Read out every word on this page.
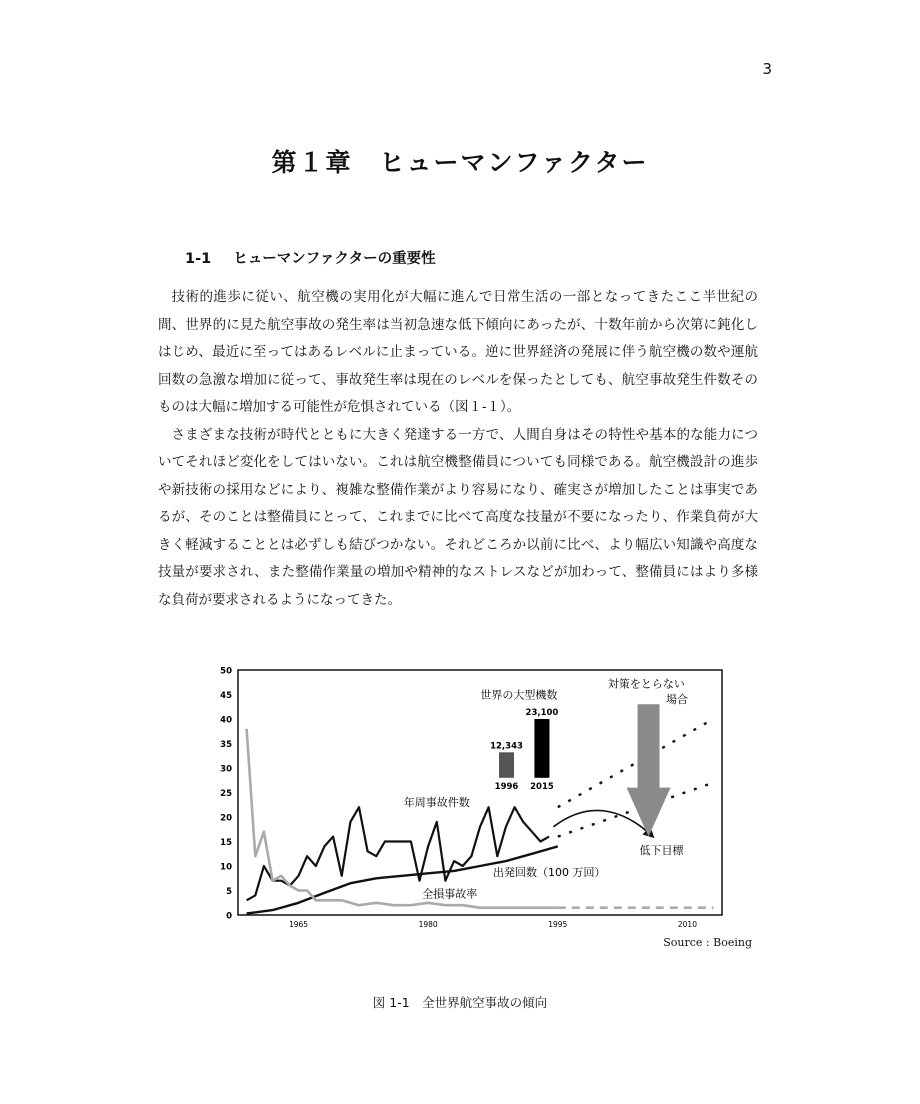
3
第１章　ヒューマンファクター
1-1 ヒューマンファクターの重要性

技術的進歩に従い、航空機の実用化が大幅に進んで日常生活の一部となってきたここ半世紀の間、世界的に見た航空事故の発生率は当初急速な低下傾向にあったが、十数年前から次第に鈍化しはじめ、最近に至ってはあるレベルに止まっている。逆に世界経済の発展に伴う航空機の数や運航回数の急激な増加に従って、事故発生率は現在のレベルを保ったとしても、航空事故発生件数そのものは大幅に増加する可能性が危惧されている（図１-１）。

さまざまな技術が時代とともに大きく発達する一方で、人間自身はその特性や基本的な能力についてそれほど変化をしてはいない。これは航空機整備員についても同様である。航空機設計の進歩や新技術の採用などにより、複雑な整備作業がより容易になり、確実さが増加したことは事実であるが、そのことは整備員にとって、これまでに比べて高度な技量が不要になったり、作業負荷が大きく軽減することとは必ずしも結びつかない。それどころか以前に比べ、より幅広い知識や高度な技量が要求され、また整備作業量の増加や精神的なストレスなどが加わって、整備員にはより多様な負荷が要求されるようになってきた。

0
5
10
15
20
25
30
35
40
45
50
1965	1980	1995	2010
12,343
1996
23,100
2015
世界の大型機数
年周事故件数
出発回数（100 万回）
全損事故率
対策をとらない
場合
低下目標
Source : Boeing
図 1-1　全世界航空事故の傾向
